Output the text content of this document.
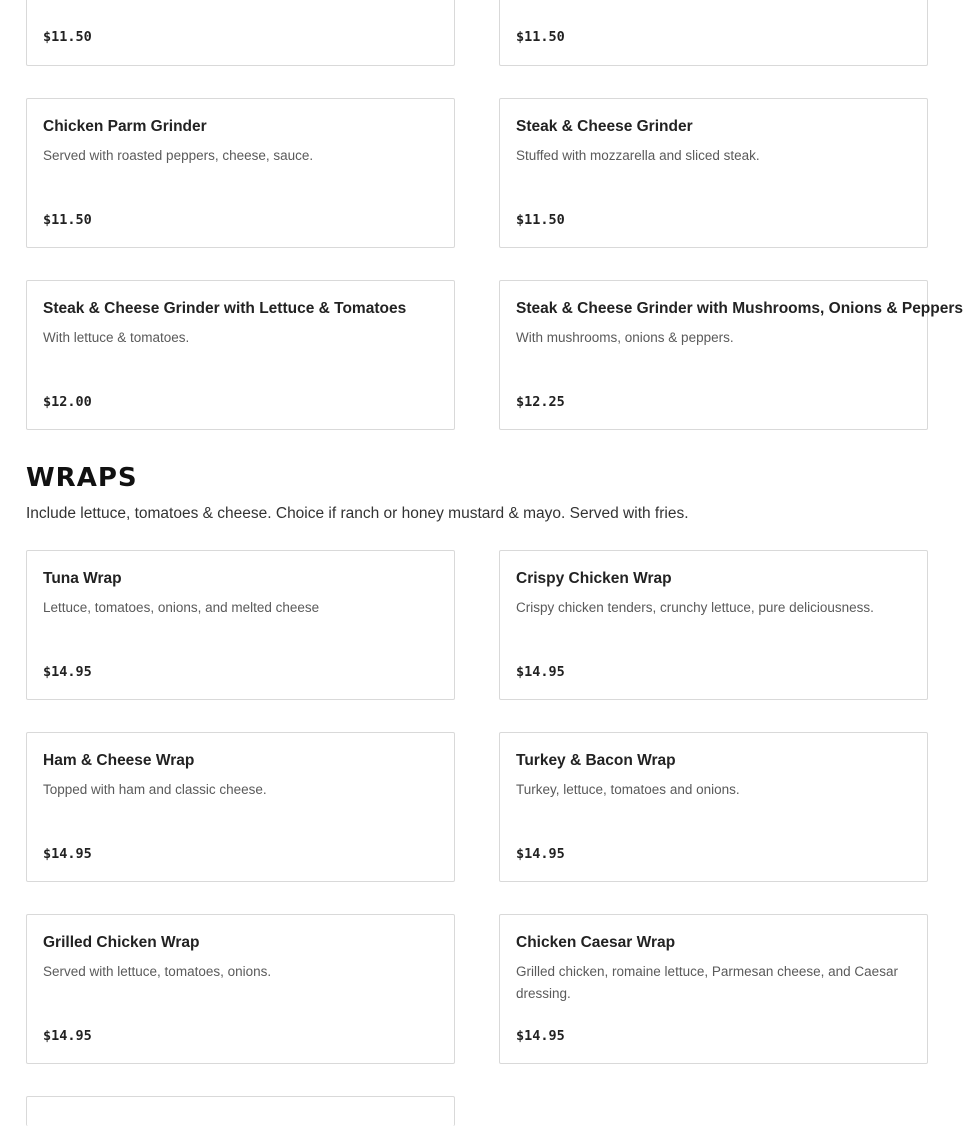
$11.50	$11.50
Chicken Parm Grinder
Served with roasted peppers, cheese, sauce.
$11.50
Steak & Cheese Grinder
Stuffed with mozzarella and sliced steak.
$11.50
Steak & Cheese Grinder with Lettuce & Tomatoes
With lettuce & tomatoes.
$12.00
Steak & Cheese Grinder with Mushrooms, Onions & Peppers
With mushrooms, onions & peppers.
$12.25
WRAPS

Include lettuce, tomatoes & cheese. Choice if ranch or honey mustard & mayo. Served with fries.

Tuna Wrap
Lettuce, tomatoes, onions, and melted cheese
$14.95
Crispy Chicken Wrap
Crispy chicken tenders, crunchy lettuce, pure deliciousness.
$14.95
Ham & Cheese Wrap
Topped with ham and classic cheese.
$14.95
Turkey & Bacon Wrap
Turkey, lettuce, tomatoes and onions.
$14.95
Grilled Chicken Wrap
Served with lettuce, tomatoes, onions.
$14.95
Chicken Caesar Wrap
Grilled chicken, romaine lettuce, Parmesan cheese, and Caesar dressing.
$14.95
